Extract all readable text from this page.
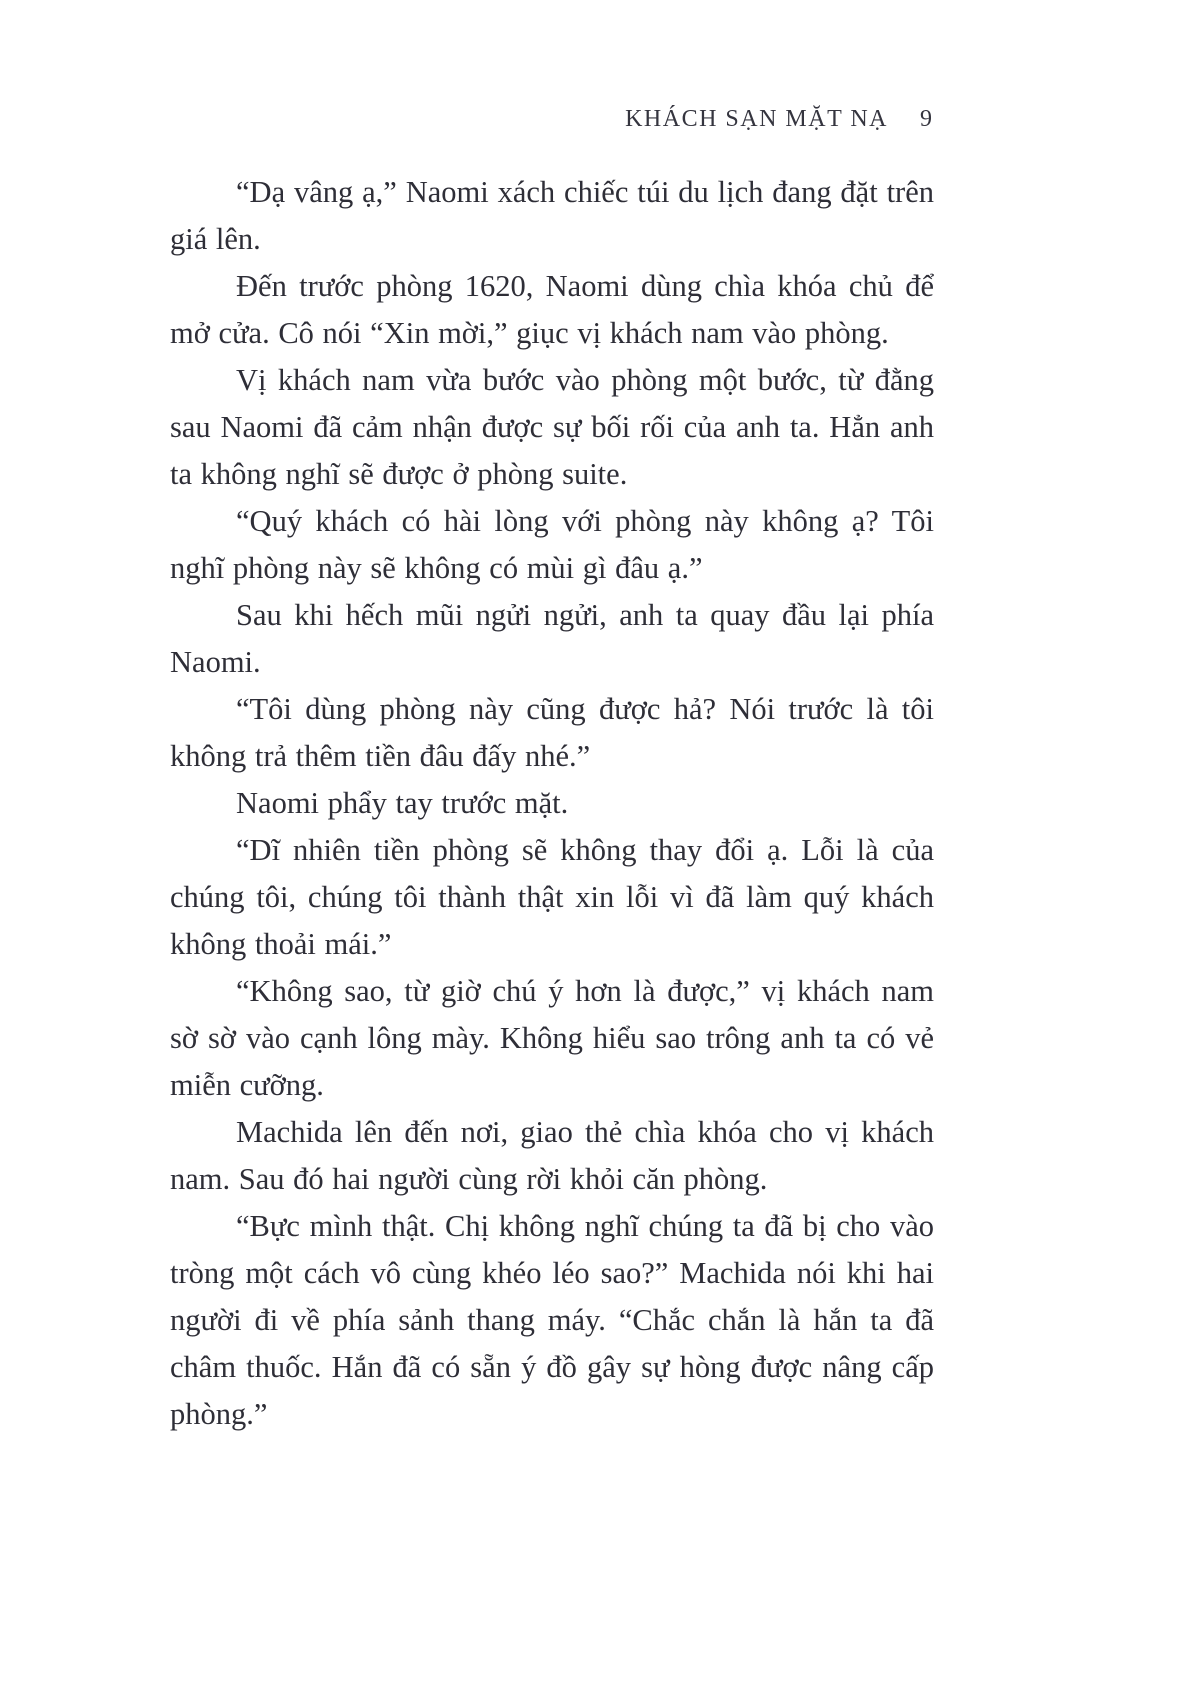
KHÁCH SẠN MẶT NẠ 9

“Dạ vâng ạ,” Naomi xách chiếc túi du lịch đang đặt trên giá lên.

Đến trước phòng 1620, Naomi dùng chìa khóa chủ để mở cửa. Cô nói “Xin mời,” giục vị khách nam vào phòng.

Vị khách nam vừa bước vào phòng một bước, từ đằng sau Naomi đã cảm nhận được sự bối rối của anh ta. Hẳn anh ta không nghĩ sẽ được ở phòng suite.

“Quý khách có hài lòng với phòng này không ạ? Tôi nghĩ phòng này sẽ không có mùi gì đâu ạ.”

Sau khi hếch mũi ngửi ngửi, anh ta quay đầu lại phía Naomi.

“Tôi dùng phòng này cũng được hả? Nói trước là tôi không trả thêm tiền đâu đấy nhé.”

Naomi phẩy tay trước mặt.

“Dĩ nhiên tiền phòng sẽ không thay đổi ạ. Lỗi là của chúng tôi, chúng tôi thành thật xin lỗi vì đã làm quý khách không thoải mái.”

“Không sao, từ giờ chú ý hơn là được,” vị khách nam sờ sờ vào cạnh lông mày. Không hiểu sao trông anh ta có vẻ miễn cưỡng.

Machida lên đến nơi, giao thẻ chìa khóa cho vị khách nam. Sau đó hai người cùng rời khỏi căn phòng.

“Bực mình thật. Chị không nghĩ chúng ta đã bị cho vào tròng một cách vô cùng khéo léo sao?” Machida nói khi hai người đi về phía sảnh thang máy. “Chắc chắn là hắn ta đã châm thuốc. Hắn đã có sẵn ý đồ gây sự hòng được nâng cấp phòng.”
